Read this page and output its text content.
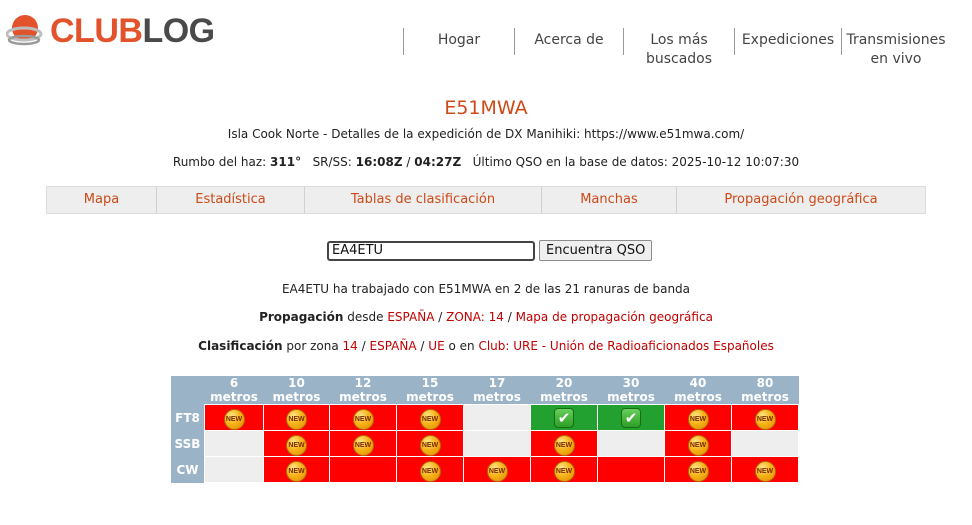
CLUBLOG	Hogar	Acerca de	Los más buscados
Expediciones Transmisiones en vivo
E51MWA
Isla Cook Norte - Detalles de la expedición de DX Manihiki: https://www.e51mwa.com/
Rumbo del haz: 311° SR/SS: 16:08Z / 04:27Z Último QSO en la base de datos: 2025-10-12 10:07:30
Mapa	Estadística	Tablas de clasificación	Manchas	Propagación geográfica
EA4ETU
Encuentra QSO
EA4ETU ha trabajado con E51MWA en 2 de las 21 ranuras de banda
Propagación desde ESPAÑA / ZONA: 14 / Mapa de propagación geográfica
Clasificación por zona 14 / ESPAÑA / UE o en Club: URE - Unión de Radioaficionados Españoles
	6 metros	10 metros	12 metros	15 metros	17 metros	20 metros	30 metros	40 metros	80 metros
FT8	NEW	NEW	NEW	NEW		✔	✔	NEW	NEW
SSB		NEW	NEW	NEW		NEW		NEW	
CW		NEW		NEW	NEW	NEW		NEW	NEW
